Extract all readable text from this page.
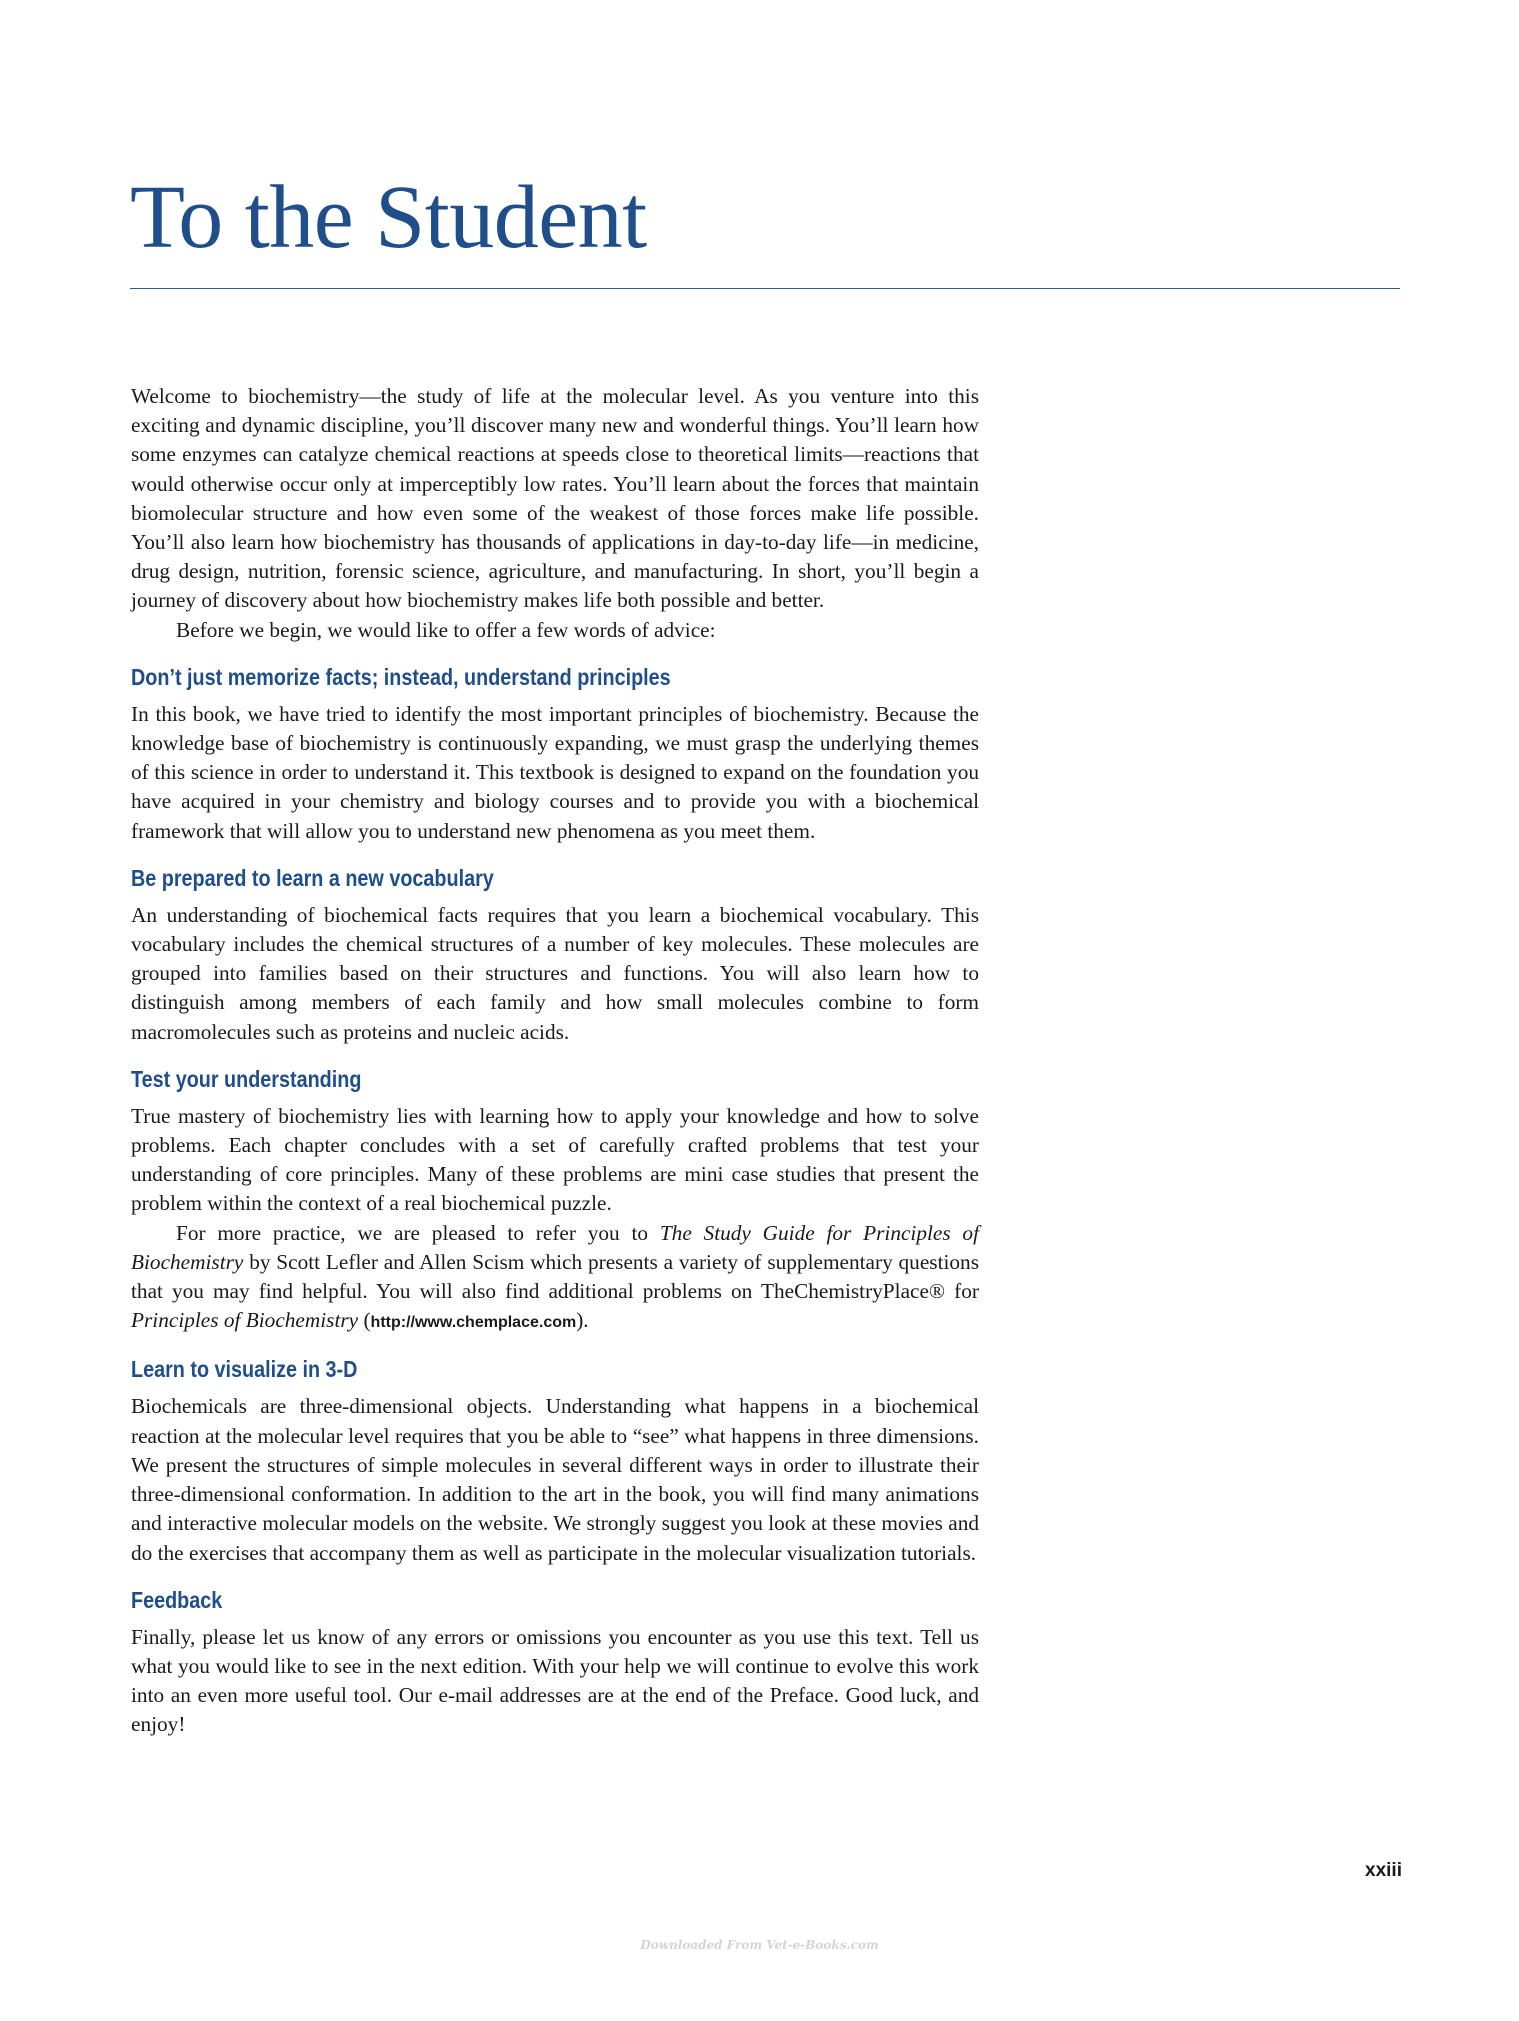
To the Student

Welcome to biochemistry—the study of life at the molecular level. As you venture into this exciting and dynamic discipline, you’ll discover many new and wonderful things. You’ll learn how some enzymes can catalyze chemical reactions at speeds close to theoretical limits—reactions that would otherwise occur only at imperceptibly low rates. You’ll learn about the forces that maintain biomolecular structure and how even some of the weakest of those forces make life possible. You’ll also learn how biochemistry has thousands of applications in day-to-day life—in medicine, drug design, nutrition, forensic science, agriculture, and manufacturing. In short, you’ll begin a journey of discovery about how biochemistry makes life both possible and better.

Before we begin, we would like to offer a few words of advice:

Don’t just memorize facts; instead, understand principles

In this book, we have tried to identify the most important principles of biochemistry. Because the knowledge base of biochemistry is continuously expanding, we must grasp the underlying themes of this science in order to understand it. This textbook is designed to expand on the foundation you have acquired in your chemistry and biology courses and to provide you with a biochemical framework that will allow you to understand new phenomena as you meet them.

Be prepared to learn a new vocabulary

An understanding of biochemical facts requires that you learn a biochemical vocabulary. This vocabulary includes the chemical structures of a number of key molecules. These molecules are grouped into families based on their structures and functions. You will also learn how to distinguish among members of each family and how small molecules combine to form macromolecules such as proteins and nucleic acids.

Test your understanding

True mastery of biochemistry lies with learning how to apply your knowledge and how to solve problems. Each chapter concludes with a set of carefully crafted problems that test your understanding of core principles. Many of these problems are mini case studies that present the problem within the context of a real biochemical puzzle.

For more practice, we are pleased to refer you to The Study Guide for Principles of Biochemistry by Scott Lefler and Allen Scism which presents a variety of supplementary questions that you may find helpful. You will also find additional problems on TheChemistryPlace® for Principles of Biochemistry (http://www.chemplace.com).

Learn to visualize in 3-D

Biochemicals are three-dimensional objects. Understanding what happens in a biochemical reaction at the molecular level requires that you be able to “see” what happens in three dimensions. We present the structures of simple molecules in several different ways in order to illustrate their three-dimensional conformation. In addition to the art in the book, you will find many animations and interactive molecular models on the website. We strongly suggest you look at these movies and do the exercises that accompany them as well as participate in the molecular visualization tutorials.

Feedback

Finally, please let us know of any errors or omissions you encounter as you use this text. Tell us what you would like to see in the next edition. With your help we will continue to evolve this work into an even more useful tool. Our e-mail addresses are at the end of the Preface. Good luck, and enjoy!

xxiii
Downloaded From Vet-e-Books.com
